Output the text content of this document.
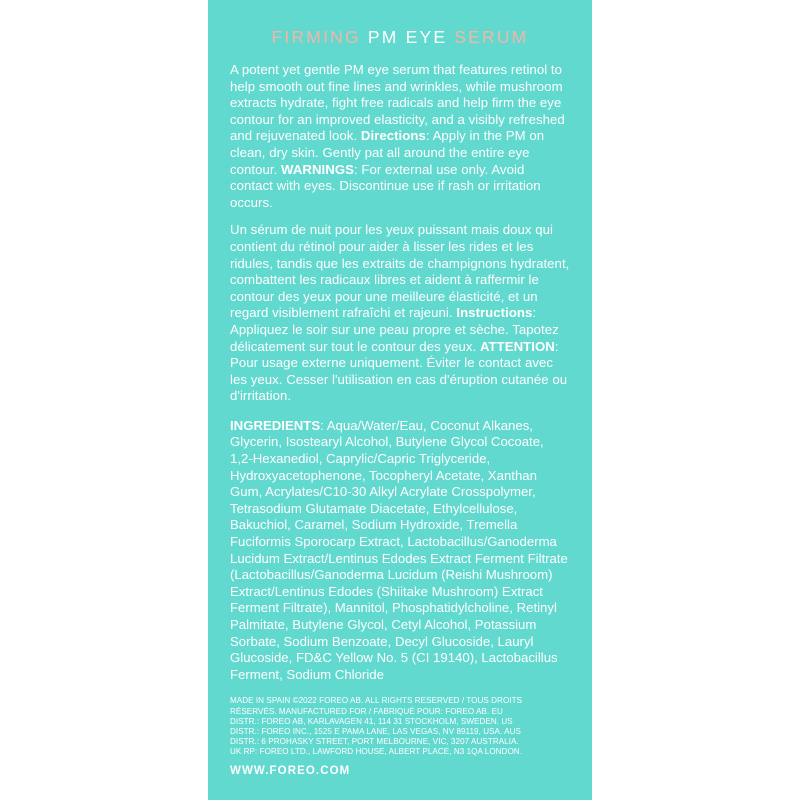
FIRMING PM EYE SERUM

A potent yet gentle PM eye serum that features retinol to help smooth out fine lines and wrinkles, while mushroom extracts hydrate, fight free radicals and help firm the eye contour for an improved elasticity, and a visibly refreshed and rejuvenated look. Directions: Apply in the PM on clean, dry skin. Gently pat all around the entire eye contour. WARNINGS: For external use only. Avoid contact with eyes. Discontinue use if rash or irritation occurs.

Un sérum de nuit pour les yeux puissant mais doux qui contient du rétinol pour aider à lisser les rides et les ridules, tandis que les extraits de champignons hydratent, combattent les radicaux libres et aident à raffermir le contour des yeux pour une meilleure élasticité, et un regard visiblement rafraîchi et rajeuni. Instructions: Appliquez le soir sur une peau propre et sèche. Tapotez délicatement sur tout le contour des yeux. ATTENTION: Pour usage externe uniquement. Éviter le contact avec les yeux. Cesser l'utilisation en cas d'éruption cutanée ou d'irritation.

INGREDIENTS: Aqua/Water/Eau, Coconut Alkanes, Glycerin, Isostearyl Alcohol, Butylene Glycol Cocoate, 1,2-Hexanediol, Caprylic/Capric Triglyceride, Hydroxyacetophenone, Tocopheryl Acetate, Xanthan Gum, Acrylates/C10-30 Alkyl Acrylate Crosspolymer, Tetrasodium Glutamate Diacetate, Ethylcellulose, Bakuchiol, Caramel, Sodium Hydroxide, Tremella Fuciformis Sporocarp Extract, Lactobacillus/Ganoderma Lucidum Extract/Lentinus Edodes Extract Ferment Filtrate (Lactobacillus/Ganoderma Lucidum (Reishi Mushroom) Extract/Lentinus Edodes (Shiitake Mushroom) Extract Ferment Filtrate), Mannitol, Phosphatidylcholine, Retinyl Palmitate, Butylene Glycol, Cetyl Alcohol, Potassium Sorbate, Sodium Benzoate, Decyl Glucoside, Lauryl Glucoside, FD&C Yellow No. 5 (CI 19140), Lactobacillus Ferment, Sodium Chloride

MADE IN SPAIN ©2022 FOREO AB. ALL RIGHTS RESERVED / TOUS DROITS

RÉSERVÉS. MANUFACTURED FOR / FABRIQUÉ POUR: FOREO AB. EU

DISTR.: FOREO AB, KARLAVAGEN 41, 114 31 STOCKHOLM, SWEDEN. US

DISTR.: FOREO INC., 1525 E PAMA LANE, LAS VEGAS, NV 89119, USA. AUS

DISTR.: 6 PROHASKY STREET, PORT MELBOURNE, VIC, 3207 AUSTRALIA.

UK RP: FOREO LTD., LAWFORD HOUSE, ALBERT PLACE, N3 1QA LONDON.

WWW.FOREO.COM
